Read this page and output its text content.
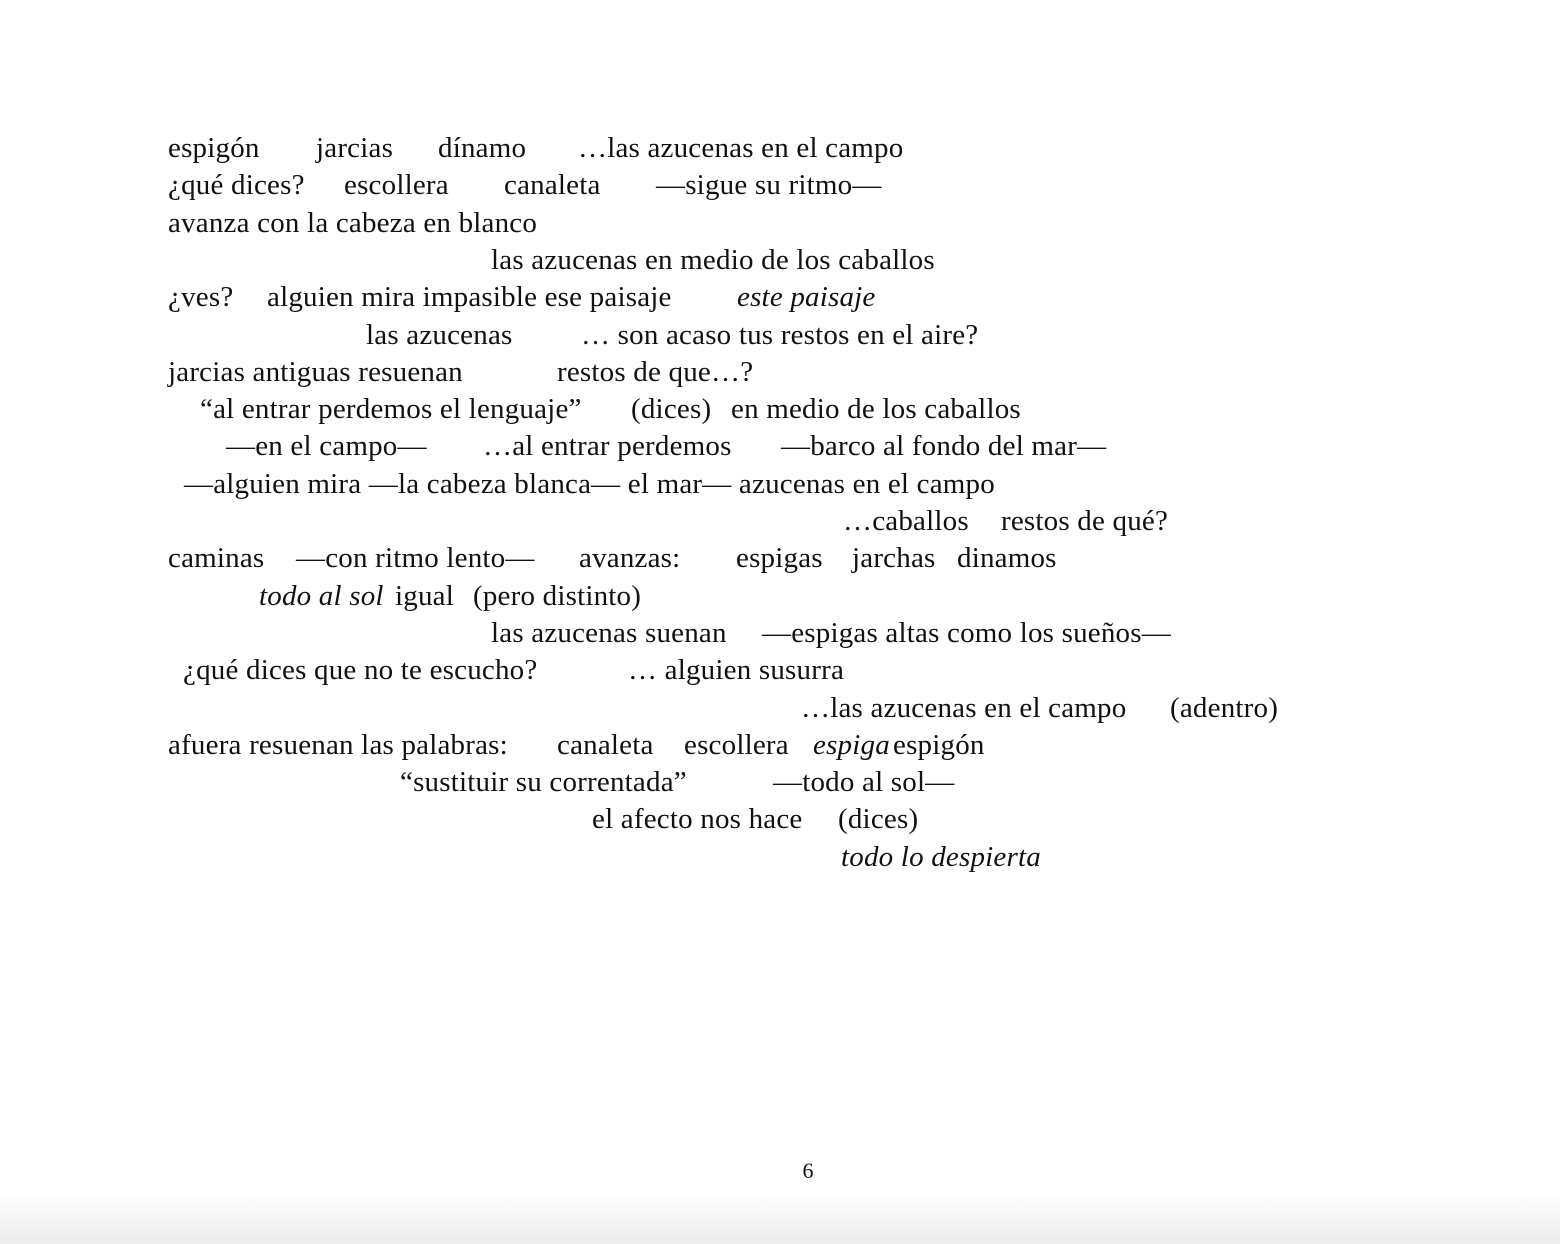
espigón jarcias dínamo …las azucenas en el campo
¿qué dices? escollera canaleta —sigue su ritmo—
avanza con la cabeza en blanco
las azucenas en medio de los caballos
¿ves? alguien mira impasible ese paisaje este paisaje
las azucenas … son acaso tus restos en el aire?
jarcias antiguas resuenan	restos de que…?
“al entrar perdemos el lenguaje” (dices) en medio de los caballos
—en el campo— …al entrar perdemos —barco al fondo del mar—
—alguien mira —la cabeza blanca— el mar— azucenas en el campo
…caballos restos de qué?
caminas —con ritmo lento— avanzas: espigas jarchas dinamos
todo al sol igual (pero distinto)
las azucenas suenan —espigas altas como los sueños—
¿qué dices que no te escucho?	… alguien susurra
…las azucenas en el campo (adentro)
afuera resuenan las palabras: canaleta escollera espiga espigón
“sustituir su correntada”	—todo al sol—
el afecto nos hace (dices)
todo lo despierta
6
